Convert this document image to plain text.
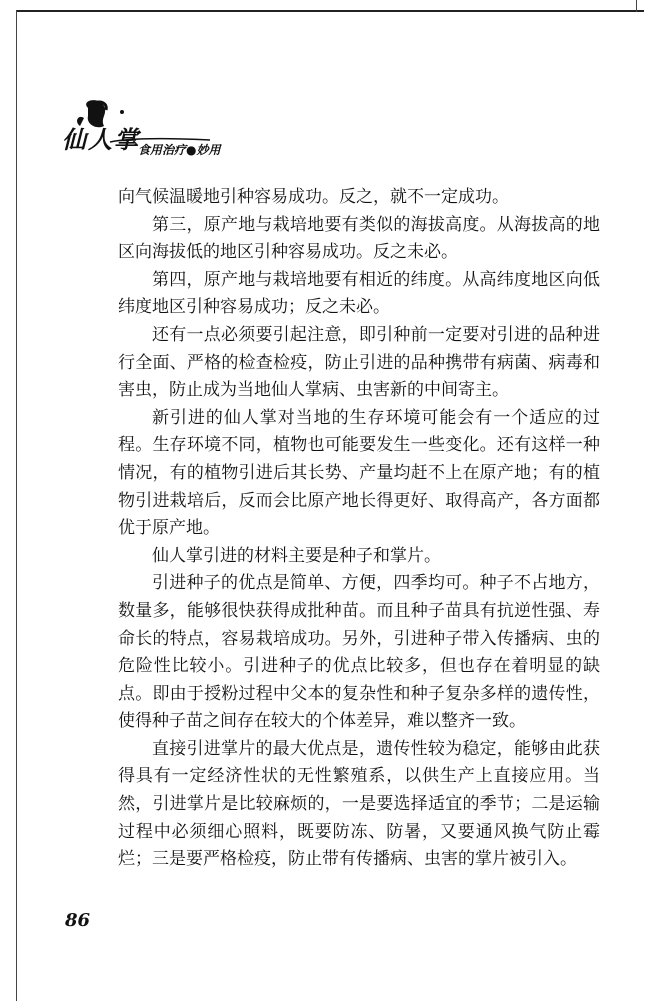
仙人掌
食用治疗●妙用

向气候温暖地引种容易成功。反之，就不一定成功。

第三，原产地与栽培地要有类似的海拔高度。从海拔高的地区向海拔低的地区引种容易成功。反之未必。

第四，原产地与栽培地要有相近的纬度。从高纬度地区向低纬度地区引种容易成功；反之未必。

还有一点必须要引起注意，即引种前一定要对引进的品种进行全面、严格的检查检疫，防止引进的品种携带有病菌、病毒和害虫，防止成为当地仙人掌病、虫害新的中间寄主。

新引进的仙人掌对当地的生存环境可能会有一个适应的过程。生存环境不同，植物也可能要发生一些变化。还有这样一种情况，有的植物引进后其长势、产量均赶不上在原产地；有的植物引进栽培后，反而会比原产地长得更好、取得高产，各方面都优于原产地。

仙人掌引进的材料主要是种子和掌片。

引进种子的优点是简单、方便，四季均可。种子不占地方，数量多，能够很快获得成批种苗。而且种子苗具有抗逆性强、寿命长的特点，容易栽培成功。另外，引进种子带入传播病、虫的危险性比较小。引进种子的优点比较多，但也存在着明显的缺点。即由于授粉过程中父本的复杂性和种子复杂多样的遗传性，使得种子苗之间存在较大的个体差异，难以整齐一致。

直接引进掌片的最大优点是，遗传性较为稳定，能够由此获得具有一定经济性状的无性繁殖系，以供生产上直接应用。当然，引进掌片是比较麻烦的，一是要选择适宜的季节；二是运输过程中必须细心照料，既要防冻、防暑，又要通风换气防止霉烂；三是要严格检疫，防止带有传播病、虫害的掌片被引入。

86
